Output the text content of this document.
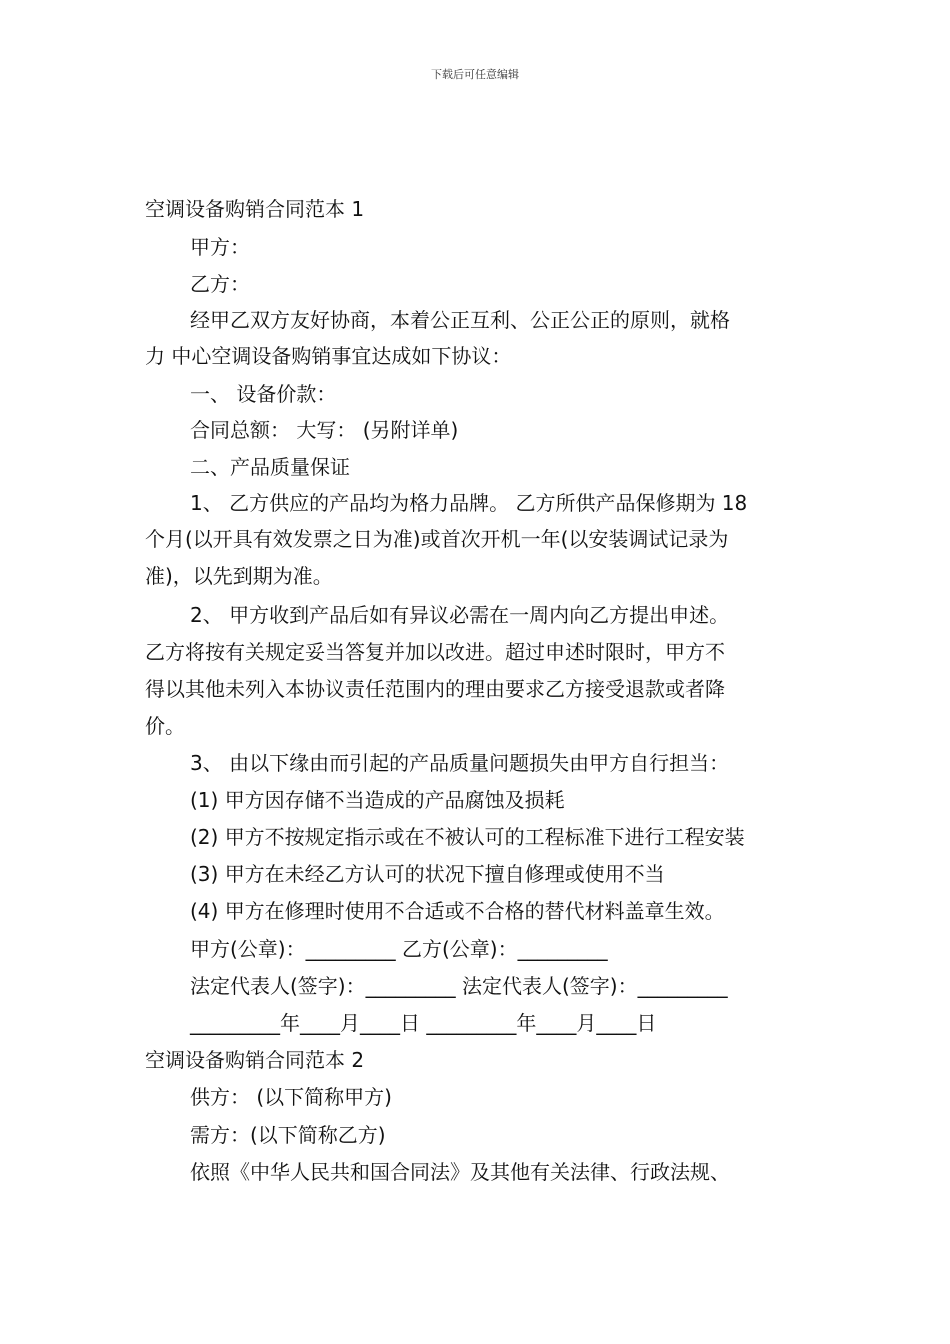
下载后可任意编辑
空调设备购销合同范本 1
甲方：
乙方：
经甲乙双方友好协商，本着公正互利、公正公正的原则，就格
力 中心空调设备购销事宜达成如下协议：
一、 设备价款：
合同总额： 大写： (另附详单)
二、产品质量保证
1、 乙方供应的产品均为格力品牌。 乙方所供产品保修期为 18
个月(以开具有效发票之日为准)或首次开机一年(以安装调试记录为
准)，以先到期为准。
2、 甲方收到产品后如有异议必需在一周内向乙方提出申述。
乙方将按有关规定妥当答复并加以改进。超过申述时限时，甲方不
得以其他未列入本协议责任范围内的理由要求乙方接受退款或者降
价。
3、 由以下缘由而引起的产品质量问题损失由甲方自行担当：
(1) 甲方因存储不当造成的产品腐蚀及损耗
(2) 甲方不按规定指示或在不被认可的工程标准下进行工程安装
(3) 甲方在未经乙方认可的状况下擅自修理或使用不当
(4) 甲方在修理时使用不合适或不合格的替代材料盖章生效。
甲方(公章)：_________ 乙方(公章)：_________
法定代表人(签字)：_________ 法定代表人(签字)：_________
_________年____月____日 _________年____月____日
空调设备购销合同范本 2
供方： (以下简称甲方)
需方：(以下简称乙方)
依照《中华人民共和国合同法》及其他有关法律、行政法规、
